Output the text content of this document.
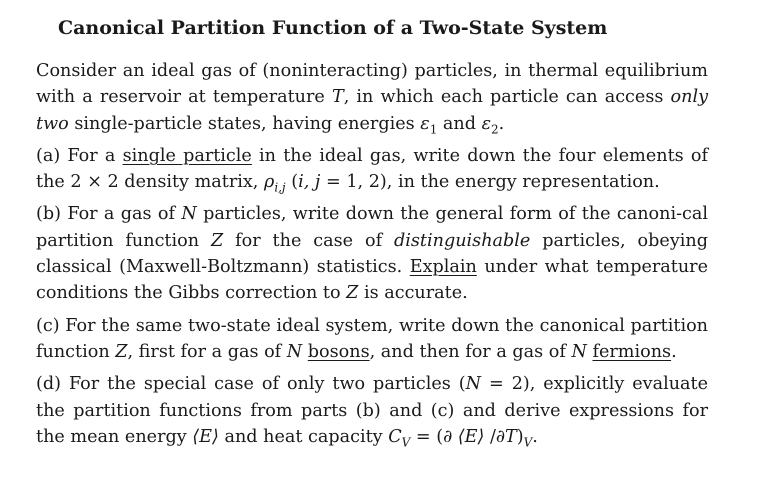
Canonical Partition Function of a Two-State System

Consider an ideal gas of (noninteracting) particles, in thermal equilibrium with a reservoir at temperature T, in which each particle can access only two single-particle states, having energies $\varepsilon_1$ and $\varepsilon_2$.

(a) For a single particle in the ideal gas, write down the four elements of the 2 × 2 density matrix, $\rho_{i,j}$ (i, j = 1, 2), in the energy representation.

(b) For a gas of N particles, write down the general form of the canoni-cal partition function Z for the case of distinguishable particles, obeying classical (Maxwell-Boltzmann) statistics. Explain under what temperature conditions the Gibbs correction to Z is accurate.

(c) For the same two-state ideal system, write down the canonical partition function Z, first for a gas of N bosons, and then for a gas of N fermions.

(d) For the special case of only two particles (N = 2), explicitly evaluate the partition functions from parts (b) and (c) and derive expressions for the mean energy ⟨E⟩ and heat capacity $C_V$ = (∂ ⟨E⟩ $/\partial T)_V$.
